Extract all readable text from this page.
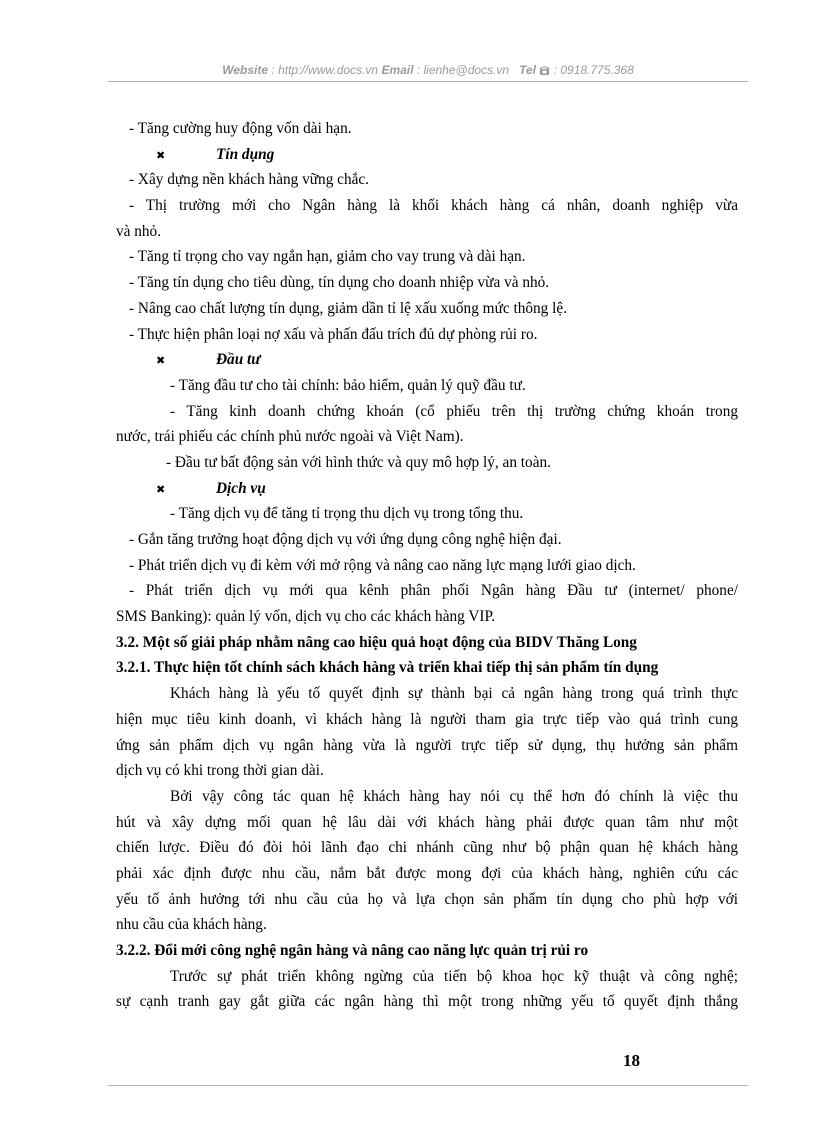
Website : http://www.docs.vn Email : lienhe@docs.vn Tel  : 0918.775.368
- Tăng cường huy động vốn dài hạn.
✖	Tín dụng
- Xây dựng nền khách hàng vững chắc.
- Thị trường mới cho Ngân hàng là khối khách hàng cá nhân, doanh nghiệp vừa
và nhỏ.
- Tăng tỉ trọng cho vay ngắn hạn, giảm cho vay trung và dài hạn.
- Tăng tín dụng cho tiêu dùng, tín dụng cho doanh nhiệp vừa và nhỏ.
- Nâng cao chất lượng tín dụng, giảm dần tỉ lệ xấu xuống mức thông lệ.
- Thực hiện phân loại nợ xấu và phấn đấu trích đủ dự phòng rủi ro.
✖	Đầu tư
- Tăng đầu tư cho tài chính: bảo hiểm, quản lý quỹ đầu tư.
- Tăng kinh doanh chứng khoán (cổ phiếu trên thị trường chứng khoán trong
nước, trái phiếu các chính phủ nước ngoài và Việt Nam).
- Đầu tư bất động sản với hình thức và quy mô hợp lý, an toàn.
✖	Dịch vụ
- Tăng dịch vụ để tăng tỉ trọng thu dịch vụ trong tổng thu.
- Gắn tăng trưởng hoạt động dịch vụ với ứng dụng công nghệ hiện đại.
- Phát triển dịch vụ đi kèm với mở rộng và nâng cao năng lực mạng lưới giao dịch.
- Phát triển dịch vụ mới qua kênh phân phối Ngân hàng Đầu tư (internet/ phone/
SMS Banking): quản lý vốn, dịch vụ cho các khách hàng VIP.
3.2. Một số giải pháp nhằm nâng cao hiệu quả hoạt động của BIDV Thăng Long
3.2.1. Thực hiện tốt chính sách khách hàng và triển khai tiếp thị sản phẩm tín dụng
Khách hàng là yếu tố quyết định sự thành bại cả ngân hàng trong quá trình thực
hiện mục tiêu kinh doanh, vì khách hàng là người tham gia trực tiếp vào quá trình cung
ứng sản phẩm dịch vụ ngân hàng vừa là người trực tiếp sử dụng, thụ hưởng sản phẩm
dịch vụ có khi trong thời gian dài.
Bởi vậy công tác quan hệ khách hàng hay nói cụ thể hơn đó chính là việc thu
hút và xây dựng mối quan hệ lâu dài với khách hàng phải được quan tâm như một
chiến lược. Điều đó đòi hỏi lãnh đạo chi nhánh cũng như bộ phận quan hệ khách hàng
phải xác định được nhu cầu, nắm bắt được mong đợi của khách hàng, nghiên cứu các
yếu tố ảnh hưởng tới nhu cầu của họ và lựa chọn sản phẩm tín dụng cho phù hợp với
nhu cầu của khách hàng.
3.2.2. Đổi mới công nghệ ngân hàng và nâng cao năng lực quản trị rủi ro
Trước sự phát triển không ngừng của tiến bộ khoa học kỹ thuật và công nghệ;
sự cạnh tranh gay gắt giữa các ngân hàng thì một trong những yếu tố quyết định thắng
18
